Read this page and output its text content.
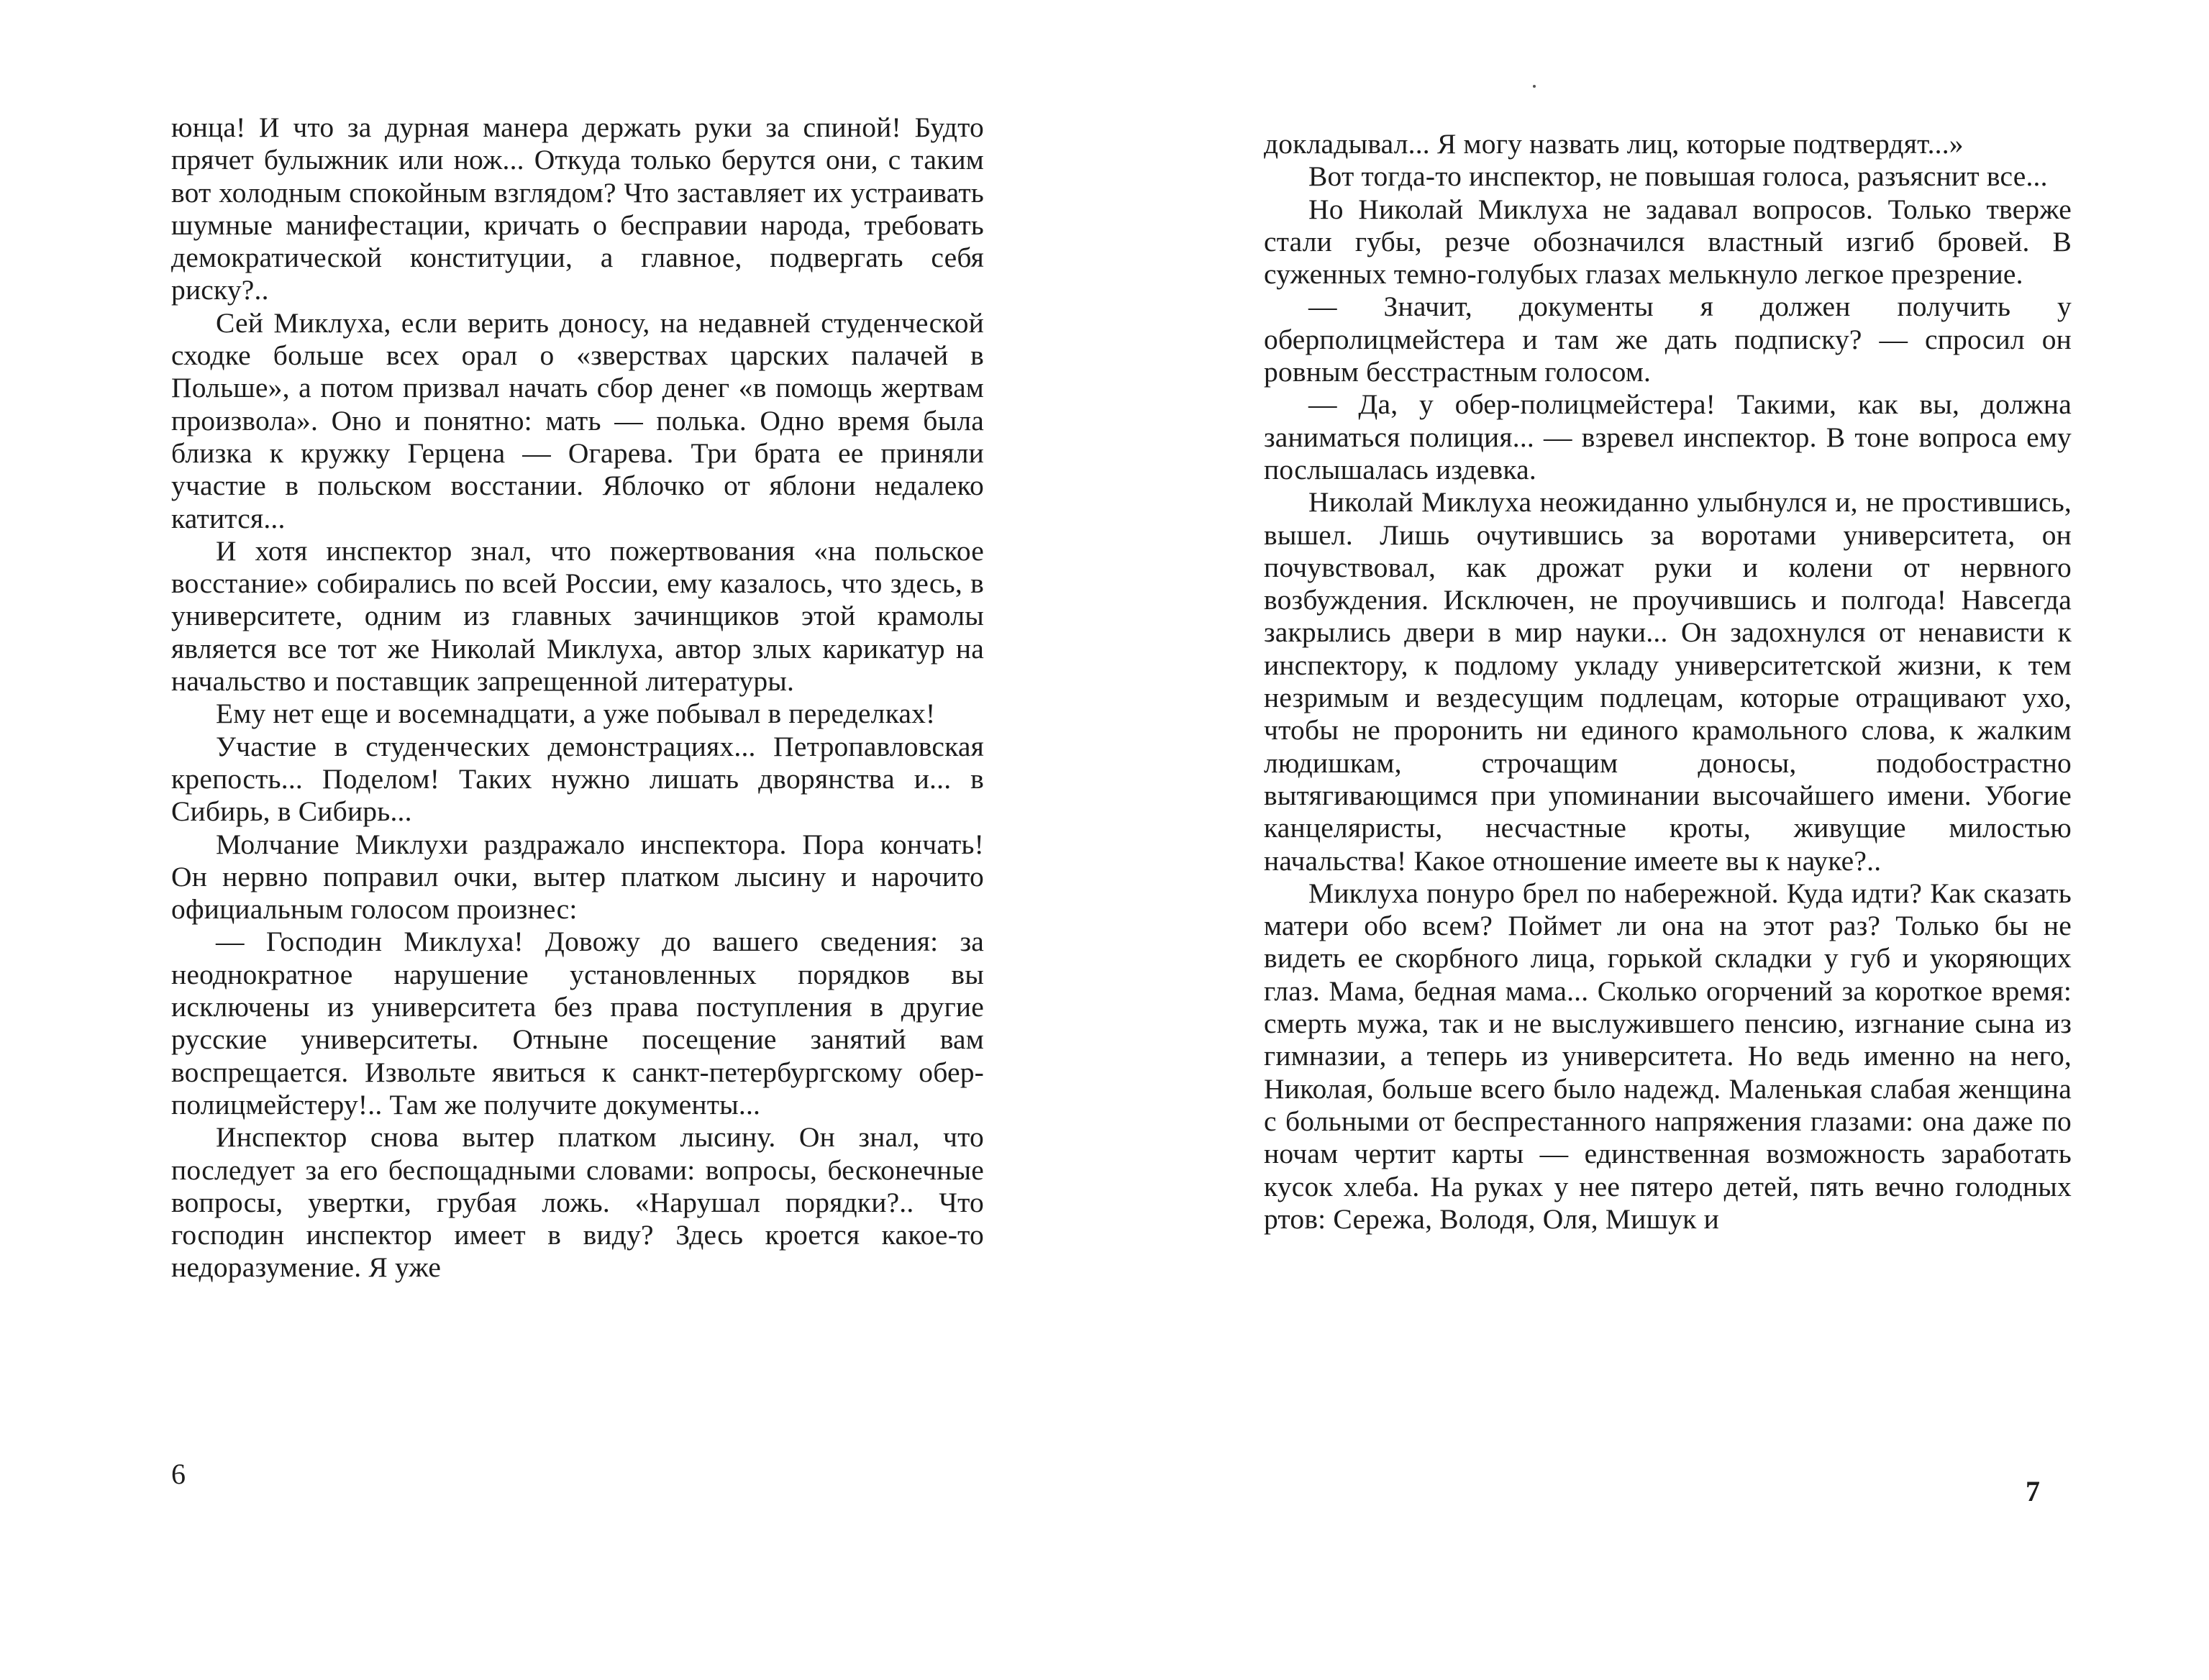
юнца! И что за дурная манера держать руки за спиной! Будто прячет булыжник или нож... Откуда только берутся они, с таким вот холодным спокойным взглядом? Что заставляет их устраивать шумные манифестации, кричать о бесправии народа, требовать демократической конституции, а главное, подвергать себя риску?..

Сей Миклуха, если верить доносу, на недавней студенческой сходке больше всех орал о «зверствах царских палачей в Польше», а потом призвал начать сбор денег «в помощь жертвам произвола». Оно и понятно: мать — полька. Одно время была близка к кружку Герцена — Огарева. Три брата ее приняли участие в польском восстании. Яблочко от яблони недалеко катится...

И хотя инспектор знал, что пожертвования «на польское восстание» собирались по всей России, ему казалось, что здесь, в университете, одним из главных зачинщиков этой крамолы является все тот же Николай Миклуха, автор злых карикатур на начальство и поставщик запрещенной литературы.

Ему нет еще и восемнадцати, а уже побывал в переделках!

Участие в студенческих демонстрациях... Петропавловская крепость... Поделом! Таких нужно лишать дворянства и... в Сибирь, в Сибирь...

Молчание Миклухи раздражало инспектора. Пора кончать! Он нервно поправил очки, вытер платком лысину и нарочито официальным голосом произнес:

— Господин Миклуха! Довожу до вашего сведения: за неоднократное нарушение установленных порядков вы исключены из университета без права поступления в другие русские университеты. Отныне посещение занятий вам воспрещается. Извольте явиться к санкт-петербургскому обер-полицмейстеру!.. Там же получите документы...

Инспектор снова вытер платком лысину. Он знал, что последует за его беспощадными словами: вопросы, бесконечные вопросы, увертки, грубая ложь. «Нарушал порядки?.. Что господин инспектор имеет в виду? Здесь кроется какое-то недоразумение. Я уже

6

докладывал... Я могу назвать лиц, которые подтвердят...»

Вот тогда-то инспектор, не повышая голоса, разъяснит все...

Но Николай Миклуха не задавал вопросов. Только тверже стали губы, резче обозначился властный изгиб бровей. В суженных темно-голубых глазах мелькнуло легкое презрение.

— Значит, документы я должен получить у оберполицмейстера и там же дать подписку? — спросил он ровным бесстрастным голосом.

— Да, у обер-полицмейстера! Такими, как вы, должна заниматься полиция... — взревел инспектор. В тоне вопроса ему послышалась издевка.

Николай Миклуха неожиданно улыбнулся и, не простившись, вышел. Лишь очутившись за воротами университета, он почувствовал, как дрожат руки и колени от нервного возбуждения. Исключен, не проучившись и полгода! Навсегда закрылись двери в мир науки... Он задохнулся от ненависти к инспектору, к подлому укладу университетской жизни, к тем незримым и вездесущим подлецам, которые отращивают ухо, чтобы не проронить ни единого крамольного слова, к жалким людишкам, строчащим доносы, подобострастно вытягивающимся при упоминании высочайшего имени. Убогие канцеляристы, несчастные кроты, живущие милостью начальства! Какое отношение имеете вы к науке?..

Миклуха понуро брел по набережной. Куда идти? Как сказать матери обо всем? Поймет ли она на этот раз? Только бы не видеть ее скорбного лица, горькой складки у губ и укоряющих глаз. Мама, бедная мама... Сколько огорчений за короткое время: смерть мужа, так и не выслужившего пенсию, изгнание сына из гимназии, а теперь из университета. Но ведь именно на него, Николая, больше всего было надежд. Маленькая слабая женщина с больными от беспрестанного напряжения глазами: она даже по ночам чертит карты — единственная возможность заработать кусок хлеба. На руках у нее пятеро детей, пять вечно голодных ртов: Сережа, Володя, Оля, Мишук и

7
